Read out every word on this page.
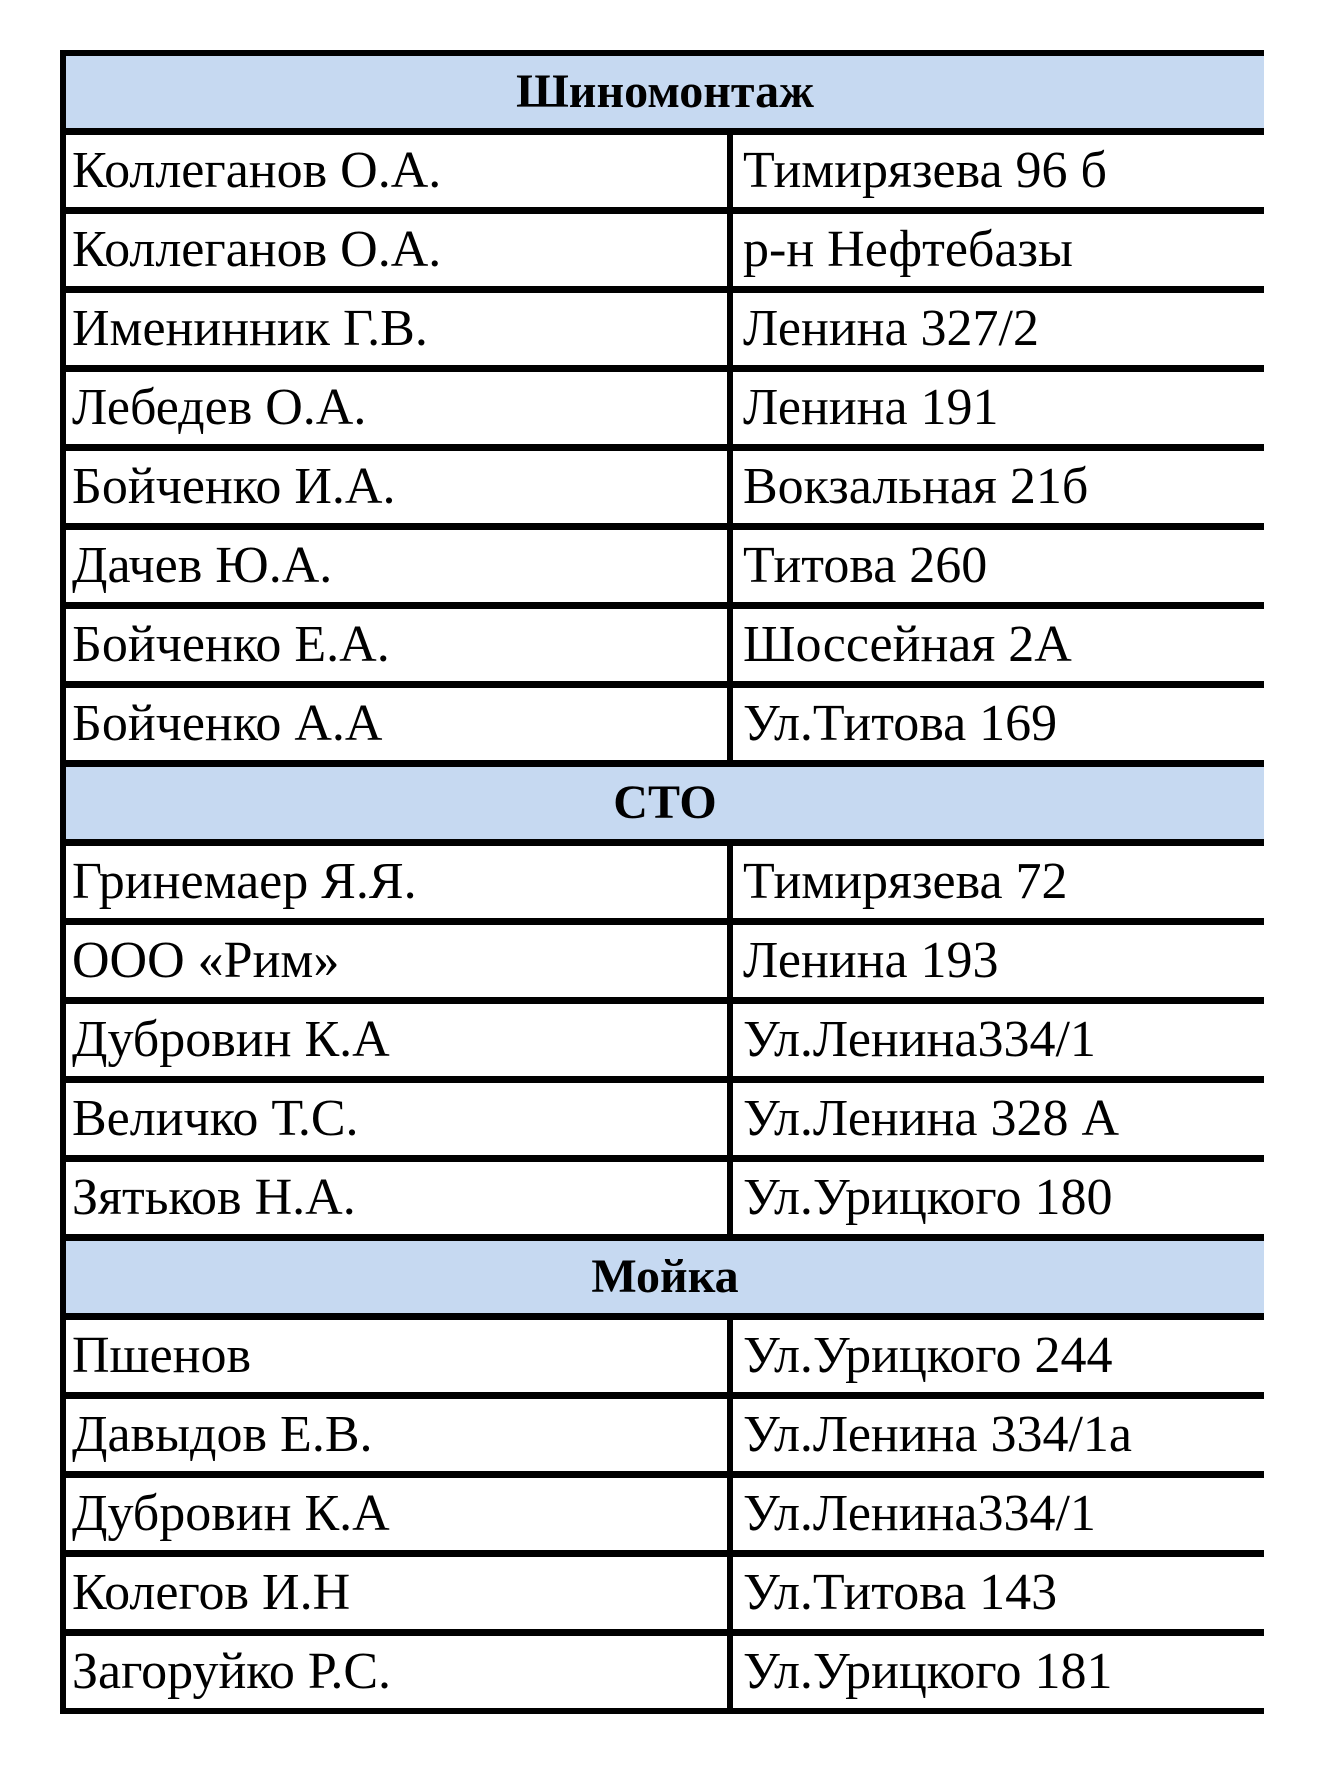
Шиномонтаж
Коллеганов О.А.	Тимирязева 96 б
Коллеганов О.А.	р-н Нефтебазы
Именинник Г.В.	Ленина 327/2
Лебедев О.А.	Ленина 191
Бойченко И.А.	Вокзальная 21б
Дачев Ю.А.	Титова 260
Бойченко Е.А.	Шоссейная 2А
Бойченко А.А	Ул.Титова 169
СТО
Гринемаер Я.Я.	Тимирязева 72
ООО «Рим»	Ленина 193
Дубровин К.А	Ул.Ленина334/1
Величко Т.С.	Ул.Ленина 328 А
Зятьков Н.А.	Ул.Урицкого 180
Мойка
Пшенов	Ул.Урицкого 244
Давыдов Е.В.	Ул.Ленина 334/1а
Дубровин К.А	Ул.Ленина334/1
Колегов И.Н	Ул.Титова 143
Загоруйко Р.С.	Ул.Урицкого 181
